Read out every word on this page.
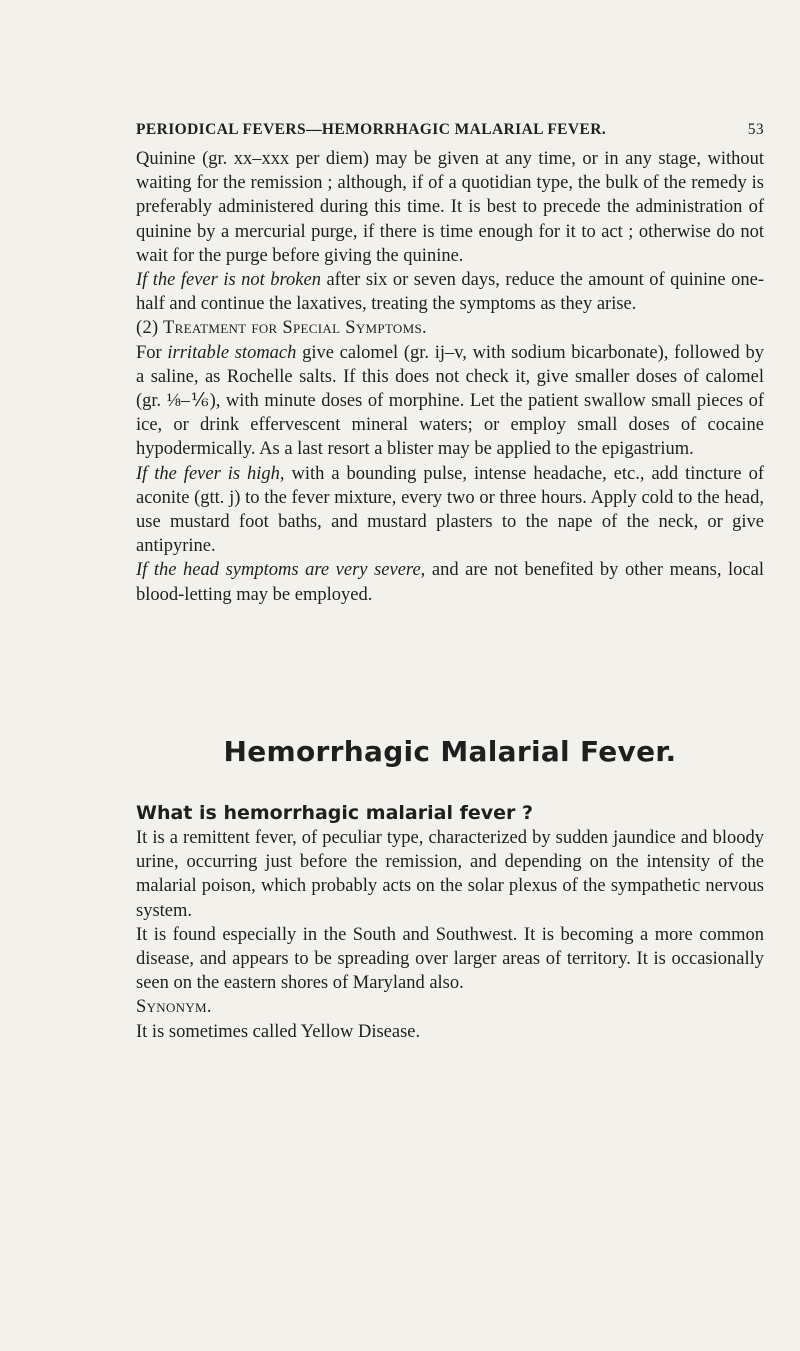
PERIODICAL FEVERS—HEMORRHAGIC MALARIAL FEVER.	53

Quinine (gr. xx–xxx per diem) may be given at any time, or in any stage, without waiting for the remission ; although, if of a quotidian type, the bulk of the remedy is preferably administered during this time. It is best to precede the administration of quinine by a mercurial purge, if there is time enough for it to act ; otherwise do not wait for the purge before giving the quinine.

If the fever is not broken after six or seven days, reduce the amount of quinine one-half and continue the laxatives, treating the symptoms as they arise.

(2) Treatment for Special Symptoms.

For irritable stomach give calomel (gr. ij–v, with sodium bicarbonate), followed by a saline, as Rochelle salts. If this does not check it, give smaller doses of calomel (gr. ⅛–⅙), with minute doses of morphine. Let the patient swallow small pieces of ice, or drink effervescent mineral waters; or employ small doses of cocaine hypodermically. As a last resort a blister may be applied to the epigastrium.

If the fever is high, with a bounding pulse, intense headache, etc., add tincture of aconite (gtt. j) to the fever mixture, every two or three hours. Apply cold to the head, use mustard foot baths, and mustard plasters to the nape of the neck, or give antipyrine.

If the head symptoms are very severe, and are not benefited by other means, local blood-letting may be employed.

Hemorrhagic Malarial Fever.

What is hemorrhagic malarial fever ?

It is a remittent fever, of peculiar type, characterized by sudden jaundice and bloody urine, occurring just before the remission, and depending on the intensity of the malarial poison, which probably acts on the solar plexus of the sympathetic nervous system.

It is found especially in the South and Southwest. It is becoming a more common disease, and appears to be spreading over larger areas of territory. It is occasionally seen on the eastern shores of Maryland also.

Synonym.

It is sometimes called Yellow Disease.
